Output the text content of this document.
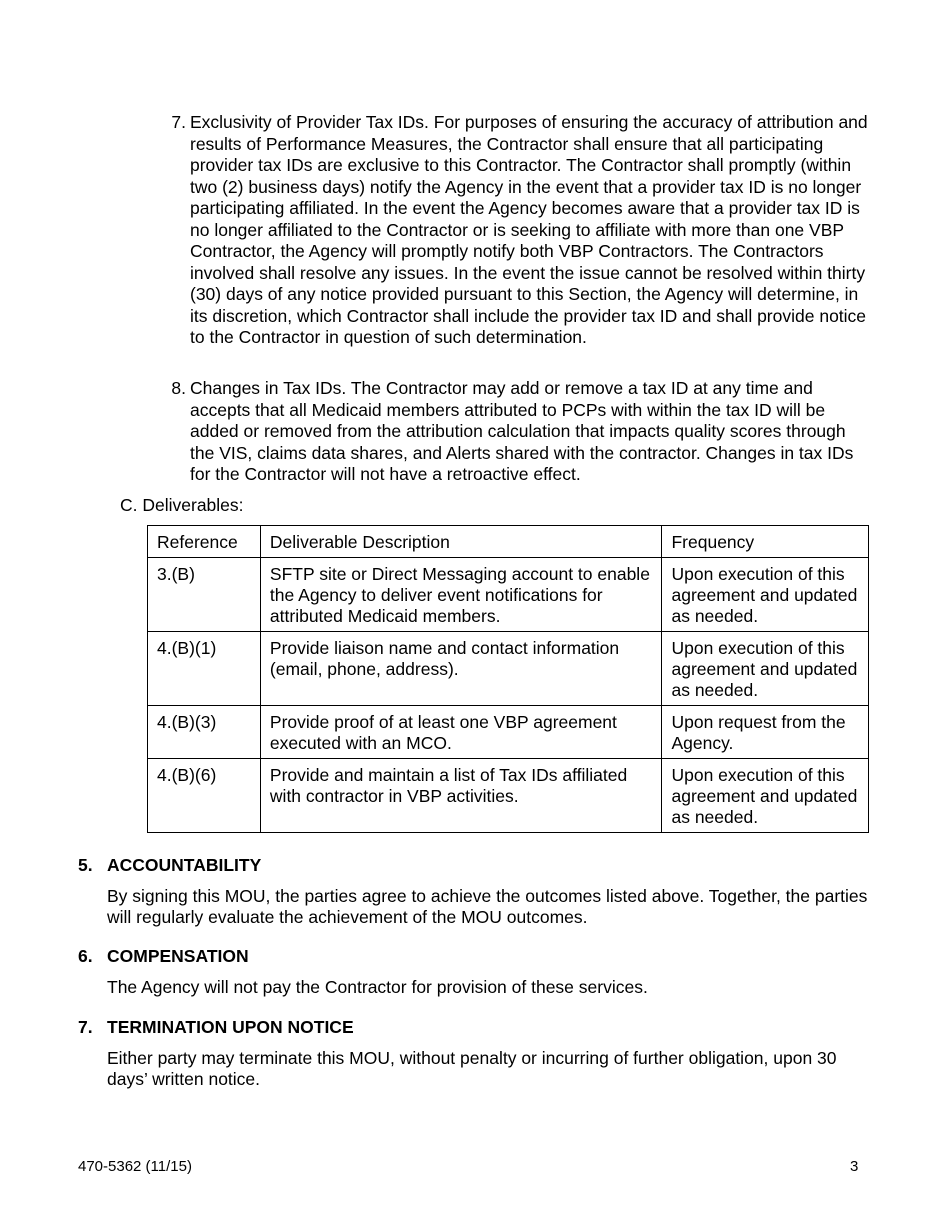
7. Exclusivity of Provider Tax IDs. For purposes of ensuring the accuracy of attribution and results of Performance Measures, the Contractor shall ensure that all participating provider tax IDs are exclusive to this Contractor. The Contractor shall promptly (within two (2) business days) notify the Agency in the event that a provider tax ID is no longer participating affiliated. In the event the Agency becomes aware that a provider tax ID is no longer affiliated to the Contractor or is seeking to affiliate with more than one VBP Contractor, the Agency will promptly notify both VBP Contractors. The Contractors involved shall resolve any issues. In the event the issue cannot be resolved within thirty (30) days of any notice provided pursuant to this Section, the Agency will determine, in its discretion, which Contractor shall include the provider tax ID and shall provide notice to the Contractor in question of such determination.
8. Changes in Tax IDs. The Contractor may add or remove a tax ID at any time and accepts that all Medicaid members attributed to PCPs with within the tax ID will be added or removed from the attribution calculation that impacts quality scores through the VIS, claims data shares, and Alerts shared with the contractor. Changes in tax IDs for the Contractor will not have a retroactive effect.
C. Deliverables:
Reference	Deliverable Description	Frequency
3.(B)	SFTP site or Direct Messaging account to enable the Agency to deliver event notifications for attributed Medicaid members.	Upon execution of this agreement and updated as needed.
4.(B)(1)	Provide liaison name and contact information (email, phone, address).	Upon execution of this agreement and updated as needed.
4.(B)(3)	Provide proof of at least one VBP agreement executed with an MCO.	Upon request from the Agency.
4.(B)(6)	Provide and maintain a list of Tax IDs affiliated with contractor in VBP activities.	Upon execution of this agreement and updated as needed.
5. ACCOUNTABILITY
By signing this MOU, the parties agree to achieve the outcomes listed above. Together, the parties will regularly evaluate the achievement of the MOU outcomes.
6. COMPENSATION
The Agency will not pay the Contractor for provision of these services.
7. TERMINATION UPON NOTICE
Either party may terminate this MOU, without penalty or incurring of further obligation, upon 30 days’ written notice.
470-5362 (11/15)	3
